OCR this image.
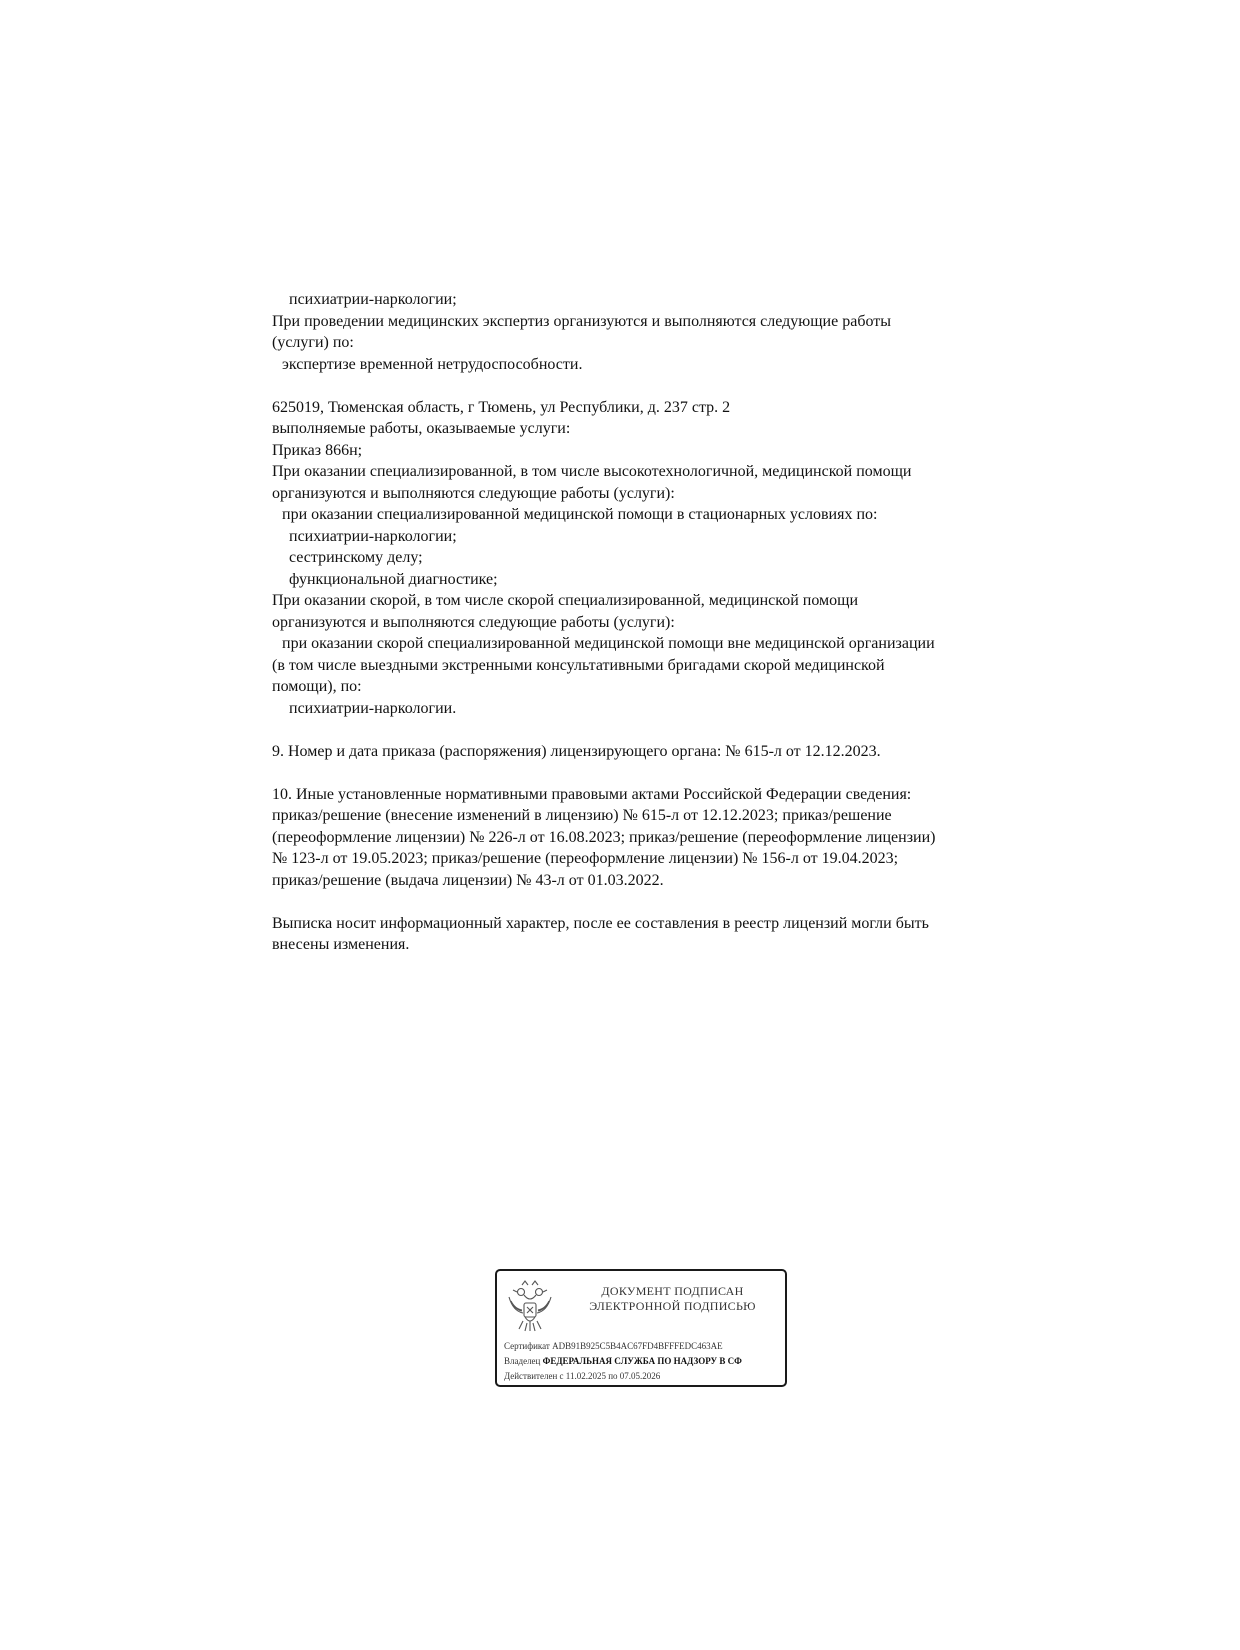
психиатрии-наркологии;
При проведении медицинских экспертиз организуются и выполняются следующие работы
(услуги) по:
экспертизе временной нетрудоспособности.
625019, Тюменская область, г Тюмень, ул Республики, д. 237 стр. 2
выполняемые работы, оказываемые услуги:
Приказ 866н;
При оказании специализированной, в том числе высокотехнологичной, медицинской помощи
организуются и выполняются следующие работы (услуги):
при оказании специализированной медицинской помощи в стационарных условиях по:
психиатрии-наркологии;
сестринскому делу;
функциональной диагностике;
При оказании скорой, в том числе скорой специализированной, медицинской помощи
организуются и выполняются следующие работы (услуги):
при оказании скорой специализированной медицинской помощи вне медицинской организации
(в том числе выездными экстренными консультативными бригадами скорой медицинской
помощи), по:
психиатрии-наркологии.
9. Номер и дата приказа (распоряжения) лицензирующего органа: № 615-л от 12.12.2023.
10. Иные установленные нормативными правовыми актами Российской Федерации сведения:
приказ/решение (внесение изменений в лицензию) № 615-л от 12.12.2023; приказ/решение
(переоформление лицензии) № 226-л от 16.08.2023; приказ/решение (переоформление лицензии)
№ 123-л от 19.05.2023; приказ/решение (переоформление лицензии) № 156-л от 19.04.2023;
приказ/решение (выдача лицензии) № 43-л от 01.03.2022.
Выписка носит информационный характер, после ее составления в реестр лицензий могли быть
внесены изменения.
ДОКУМЕНТ ПОДПИСАН
ЭЛЕКТРОННОЙ ПОДПИСЬЮ
Сертификат ADB91B925C5B4AC67FD4BFFFEDC463AE
Владелец ФЕДЕРАЛЬНАЯ СЛУЖБА ПО НАДЗОРУ В СФ
Действителен с 11.02.2025 по 07.05.2026
